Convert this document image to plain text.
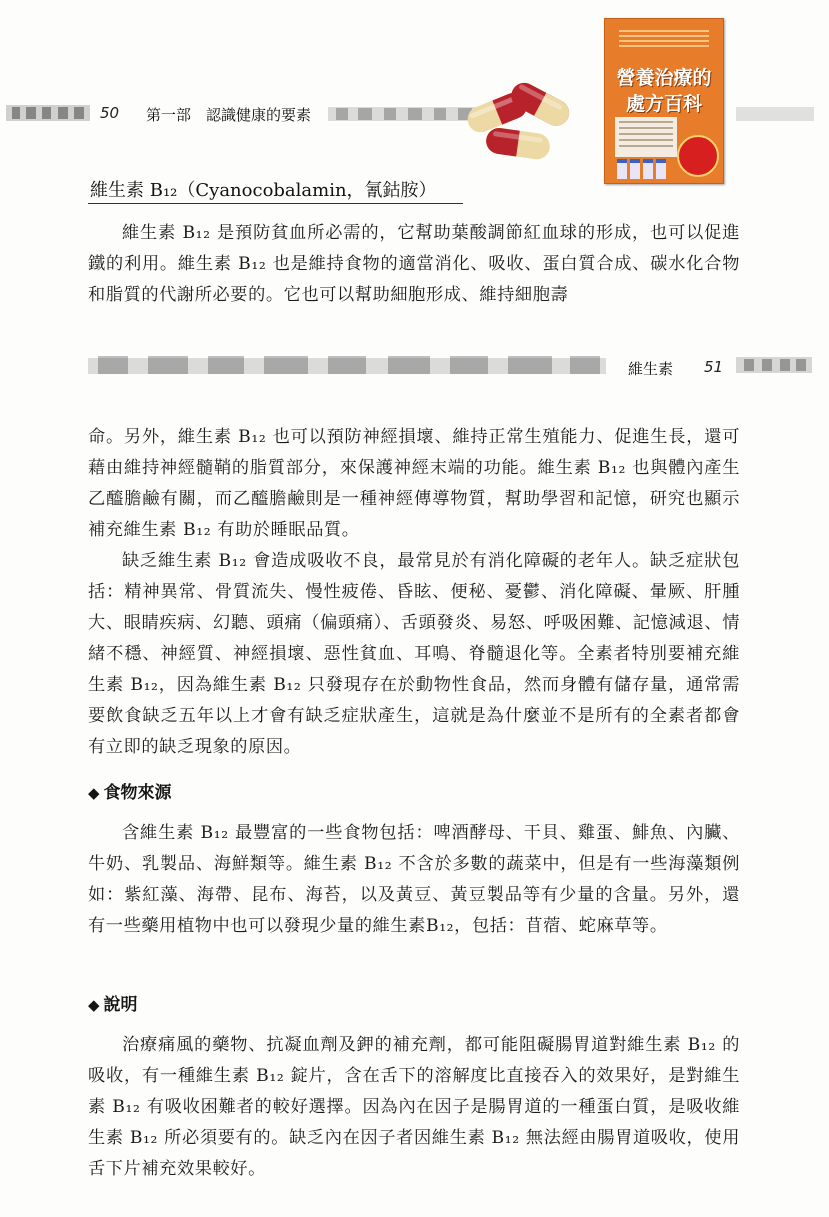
50 第一部　認識健康的要素
營養治療的
處方百科
維生素 B₁₂（Cyanocobalamin，氰鈷胺）
維生素 B₁₂ 是預防貧血所必需的，它幫助葉酸調節紅血球的形成，也可以促進鐵的利用。維生素 B₁₂ 也是維持食物的適當消化、吸收、蛋白質合成、碳水化合物和脂質的代謝所必要的。它也可以幫助細胞形成、維持細胞壽
維生素 51
命。另外，維生素 B₁₂ 也可以預防神經損壞、維持正常生殖能力、促進生長，還可藉由維持神經髓鞘的脂質部分，來保護神經末端的功能。維生素 B₁₂ 也與體內產生乙醯膽鹼有關，而乙醯膽鹼則是一種神經傳導物質，幫助學習和記憶，研究也顯示補充維生素 B₁₂ 有助於睡眠品質。
缺乏維生素 B₁₂ 會造成吸收不良，最常見於有消化障礙的老年人。缺乏症狀包括：精神異常、骨質流失、慢性疲倦、昏眩、便秘、憂鬱、消化障礙、暈厥、肝腫大、眼睛疾病、幻聽、頭痛（偏頭痛）、舌頭發炎、易怒、呼吸困難、記憶減退、情緒不穩、神經質、神經損壞、惡性貧血、耳鳴、脊髓退化等。全素者特別要補充維生素 B₁₂，因為維生素 B₁₂ 只發現存在於動物性食品，然而身體有儲存量，通常需要飲食缺乏五年以上才會有缺乏症狀產生，這就是為什麼並不是所有的全素者都會有立即的缺乏現象的原因。
◆ 食物來源
含維生素 B₁₂ 最豐富的一些食物包括：啤酒酵母、干貝、雞蛋、鯡魚、內臟、牛奶、乳製品、海鮮類等。維生素 B₁₂ 不含於多數的蔬菜中，但是有一些海藻類例如：紫紅藻、海帶、昆布、海苔，以及黃豆、黃豆製品等有少量的含量。另外，還有一些藥用植物中也可以發現少量的維生素B₁₂，包括：苜蓿、蛇麻草等。
◆ 說明
治療痛風的藥物、抗凝血劑及鉀的補充劑，都可能阻礙腸胃道對維生素 B₁₂ 的吸收，有一種維生素 B₁₂ 錠片，含在舌下的溶解度比直接吞入的效果好，是對維生素 B₁₂ 有吸收困難者的較好選擇。因為內在因子是腸胃道的一種蛋白質，是吸收維生素 B₁₂ 所必須要有的。缺乏內在因子者因維生素 B₁₂ 無法經由腸胃道吸收，使用舌下片補充效果較好。
